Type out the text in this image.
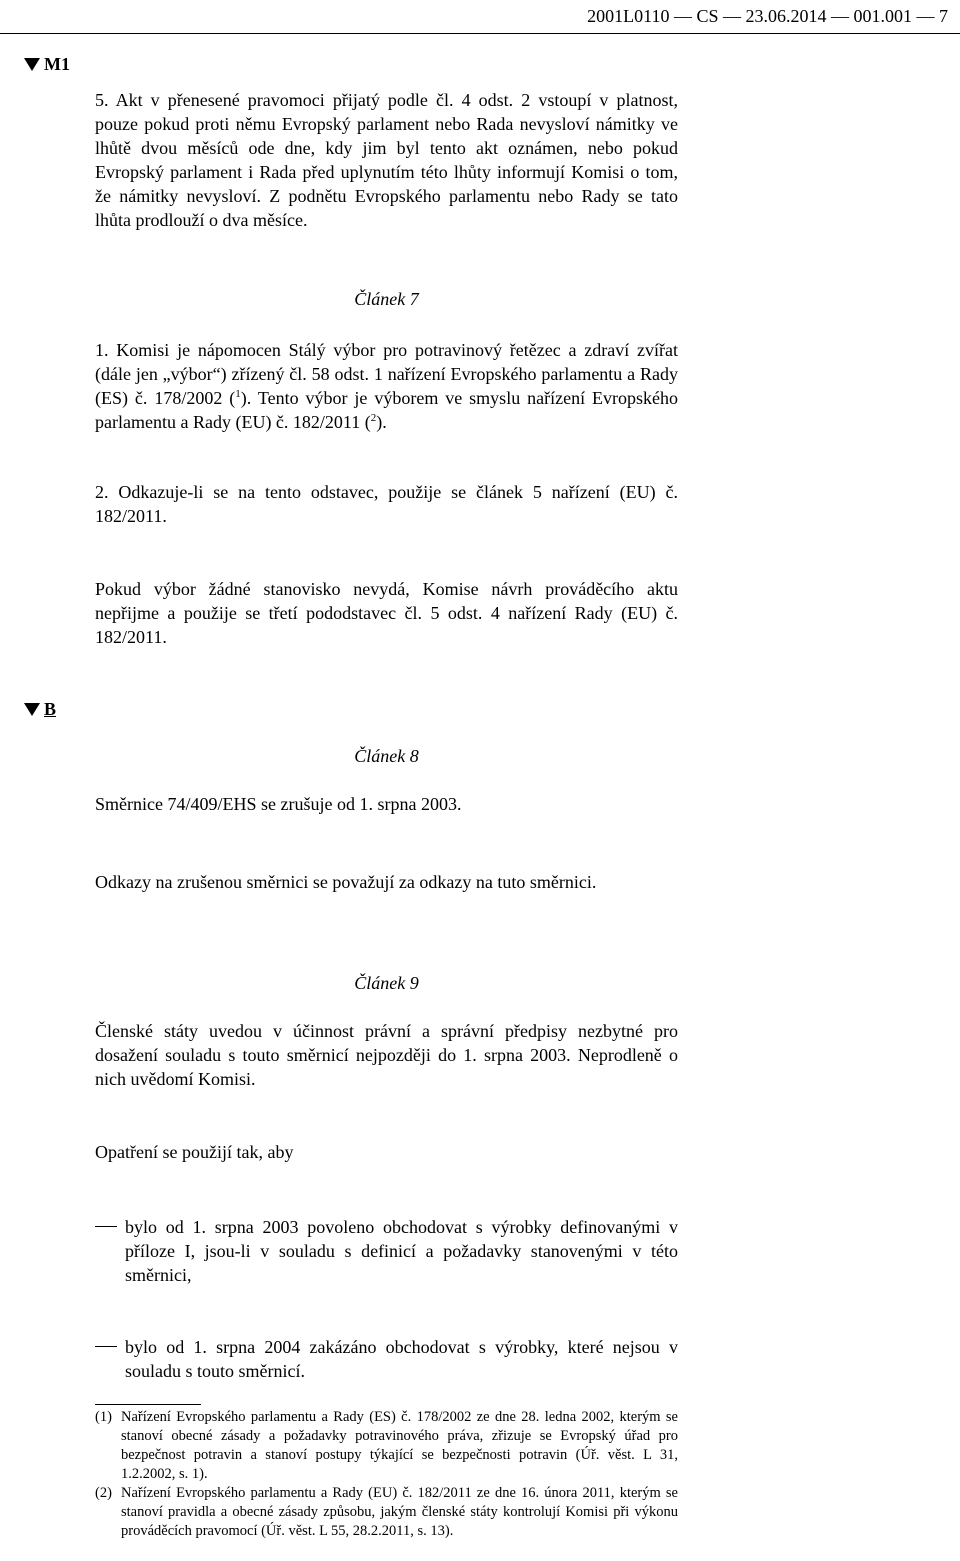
2001L0110 — CS — 23.06.2014 — 001.001 — 7
M1

5. Akt v přenesené pravomoci přijatý podle čl. 4 odst. 2 vstoupí v platnost, pouze pokud proti němu Evropský parlament nebo Rada nevysloví námitky ve lhůtě dvou měsíců ode dne, kdy jim byl tento akt oznámen, nebo pokud Evropský parlament i Rada před uplynutím této lhůty informují Komisi o tom, že námitky nevysloví. Z podnětu Evropského parlamentu nebo Rady se tato lhůta prodlouží o dva měsíce.

Článek 7

1. Komisi je nápomocen Stálý výbor pro potravinový řetězec a zdraví zvířat (dále jen „výbor“) zřízený čl. 58 odst. 1 nařízení Evropského parlamentu a Rady (ES) č. 178/2002 ($^1$). Tento výbor je výborem ve smyslu nařízení Evropského parlamentu a Rady (EU) č. 182/2011 ($^2$).

2. Odkazuje-li se na tento odstavec, použije se článek 5 nařízení (EU) č. 182/2011.

Pokud výbor žádné stanovisko nevydá, Komise návrh prováděcího aktu nepřijme a použije se třetí pododstavec čl. 5 odst. 4 nařízení Rady (EU) č. 182/2011.

B
Článek 8

Směrnice 74/409/EHS se zrušuje od 1. srpna 2003.

Odkazy na zrušenou směrnici se považují za odkazy na tuto směrnici.

Článek 9

Členské státy uvedou v účinnost právní a správní předpisy nezbytné pro dosažení souladu s touto směrnicí nejpozději do 1. srpna 2003. Neprodleně o nich uvědomí Komisi.

Opatření se použijí tak, aby

bylo od 1. srpna 2003 povoleno obchodovat s výrobky definovanými v příloze I, jsou-li v souladu s definicí a požadavky stanovenými v této směrnici,
bylo od 1. srpna 2004 zakázáno obchodovat s výrobky, které nejsou v souladu s touto směrnicí.
(1) Nařízení Evropského parlamentu a Rady (ES) č. 178/2002 ze dne 28. ledna 2002, kterým se stanoví obecné zásady a požadavky potravinového práva, zřizuje se Evropský úřad pro bezpečnost potravin a stanoví postupy týkající se bezpečnosti potravin (Úř. věst. L 31, 1.2.2002, s. 1).
(2) Nařízení Evropského parlamentu a Rady (EU) č. 182/2011 ze dne 16. února 2011, kterým se stanoví pravidla a obecné zásady způsobu, jakým členské státy kontrolují Komisi při výkonu prováděcích pravomocí (Úř. věst. L 55, 28.2.2011, s. 13).
